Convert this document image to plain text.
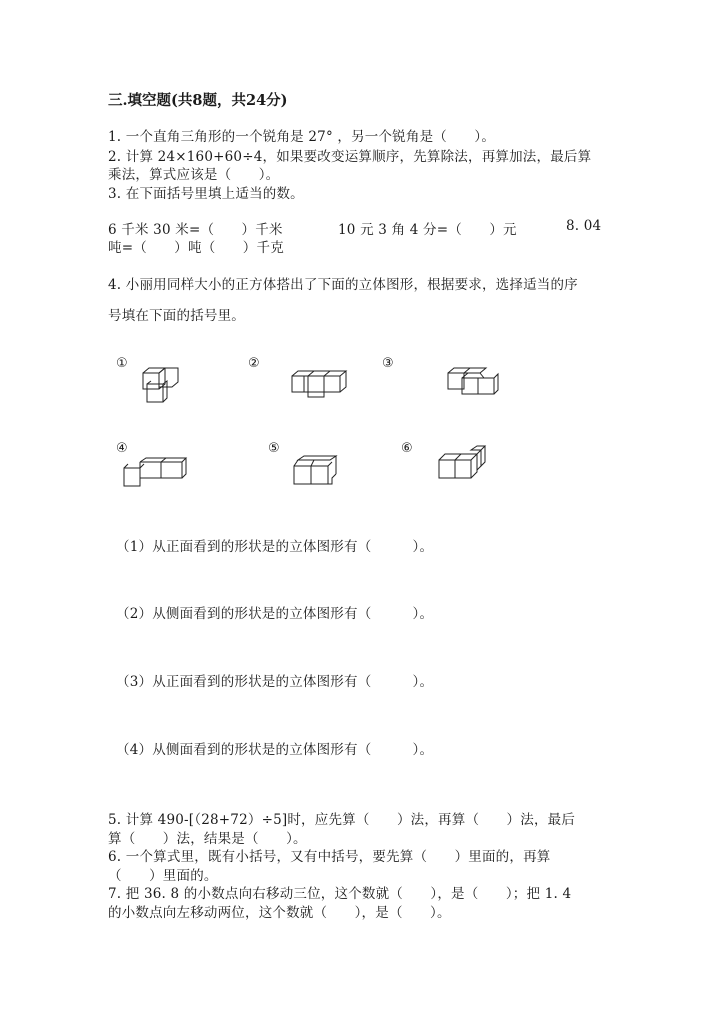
三.填空题(共8题，共24分)
1. 一个直角三角形的一个锐角是 27° ，另一个锐角是（　　）。
2. 计算 24×160+60÷4，如果要改变运算顺序，先算除法，再算加法，最后算
乘法，算式应该是（　　）。
3. 在下面括号里填上适当的数。
6 千米 30 米=（　　）千米	10 元 3 角 4 分=（　　）元	8. 04
吨=（　　）吨（　　）千克
4. 小丽用同样大小的正方体搭出了下面的立体图形，根据要求，选择适当的序
号填在下面的括号里。
①	②	③
④	⑤	⑥
（1）从正面看到的形状是的立体图形有（　　　）。
（2）从侧面看到的形状是的立体图形有（　　　）。
（3）从正面看到的形状是的立体图形有（　　　）。
（4）从侧面看到的形状是的立体图形有（　　　）。
5. 计算 490-[（28+72）÷5]时，应先算（　　）法，再算（　　）法，最后
算（　　）法，结果是（　　）。
6. 一个算式里，既有小括号，又有中括号，要先算（　　）里面的，再算
（　　）里面的。
7. 把 36. 8 的小数点向右移动三位，这个数就（　　），是（　　）；把 1. 4
的小数点向左移动两位，这个数就（　　），是（　　）。
